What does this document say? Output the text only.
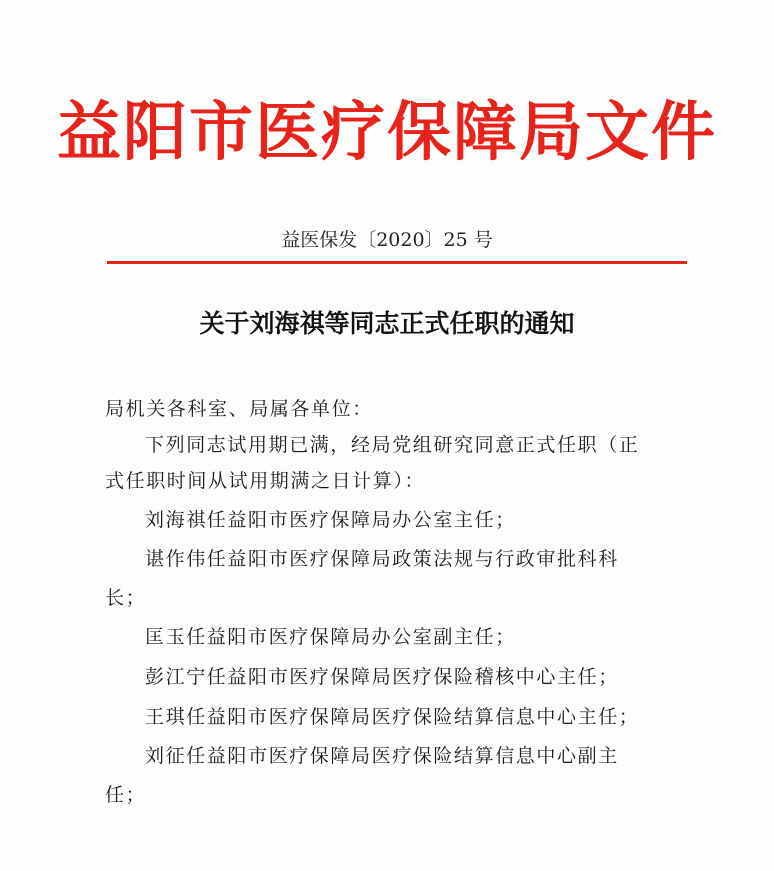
益阳市医疗保障局文件
益医保发〔2020〕25 号
关于刘海祺等同志正式任职的通知
局机关各科室、局属各单位：
下列同志试用期已满，经局党组研究同意正式任职（正
式任职时间从试用期满之日计算）：
刘海祺任益阳市医疗保障局办公室主任；
谌作伟任益阳市医疗保障局政策法规与行政审批科科
长；
匡玉任益阳市医疗保障局办公室副主任；
彭江宁任益阳市医疗保障局医疗保险稽核中心主任；
王琪任益阳市医疗保障局医疗保险结算信息中心主任；
刘征任益阳市医疗保障局医疗保险结算信息中心副主
任；
